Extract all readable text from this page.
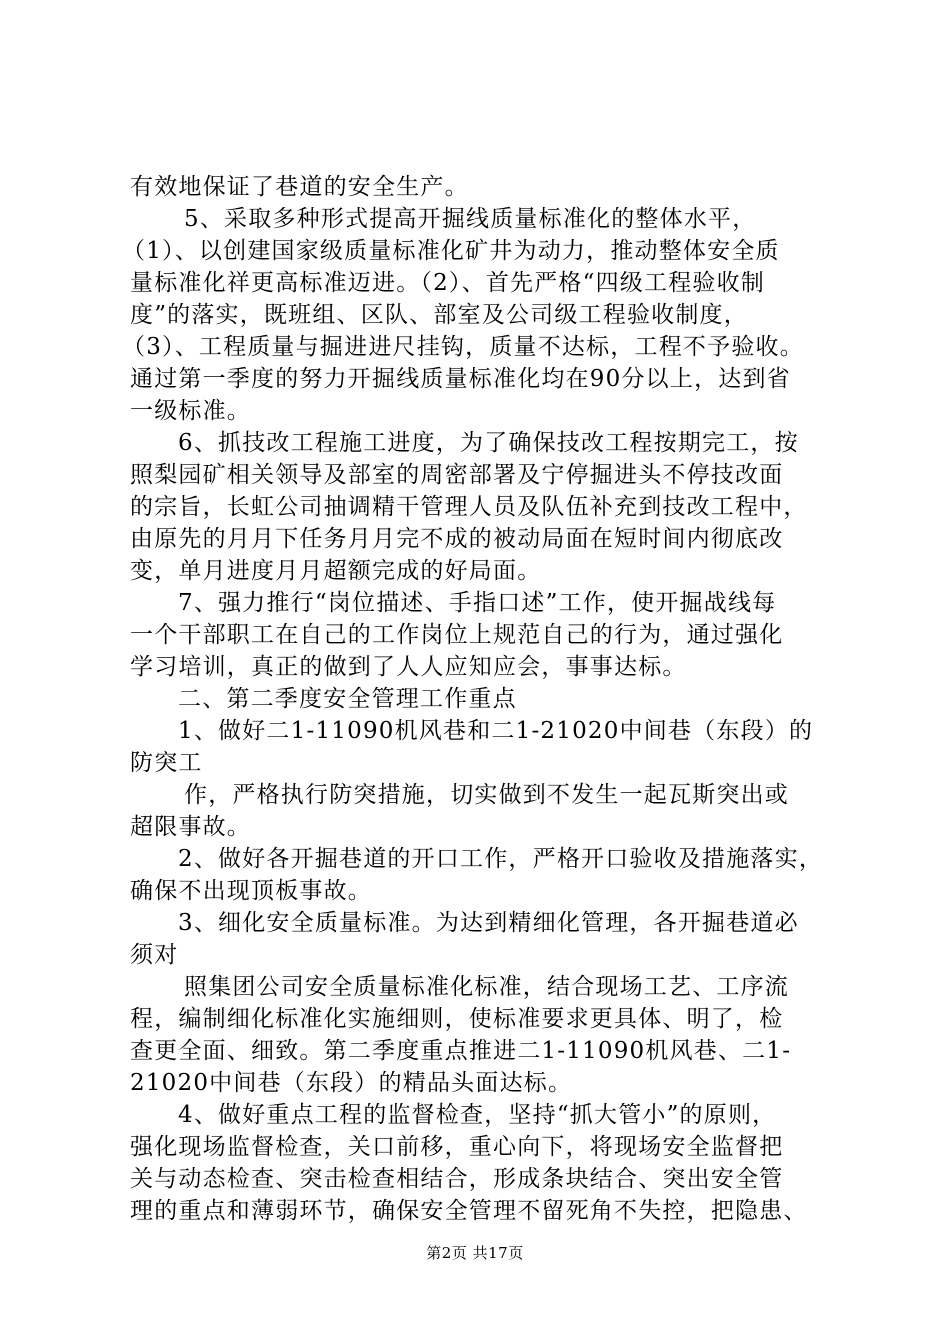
有效地保证了巷道的安全生产。
5、采取多种形式提高开掘线质量标准化的整体水平，
（1）、以创建国家级质量标准化矿井为动力，推动整体安全质
量标准化祥更高标准迈进。（2）、首先严格“四级工程验收制
度”的落实，既班组、区队、部室及公司级工程验收制度，
（3）、工程质量与掘进进尺挂钩，质量不达标，工程不予验收。
通过第一季度的努力开掘线质量标准化均在90分以上，达到省
一级标准。
6、抓技改工程施工进度，为了确保技改工程按期完工，按
照梨园矿相关领导及部室的周密部署及宁停掘进头不停技改面
的宗旨，长虹公司抽调精干管理人员及队伍补充到技改工程中，
由原先的月月下任务月月完不成的被动局面在短时间内彻底改
变，单月进度月月超额完成的好局面。
7、强力推行“岗位描述、手指口述”工作，使开掘战线每
一个干部职工在自己的工作岗位上规范自己的行为，通过强化
学习培训，真正的做到了人人应知应会，事事达标。
二、第二季度安全管理工作重点
1、做好二1-11090机风巷和二1-21020中间巷（东段）的
防突工
作，严格执行防突措施，切实做到不发生一起瓦斯突出或
超限事故。
2、做好各开掘巷道的开口工作，严格开口验收及措施落实，
确保不出现顶板事故。
3、细化安全质量标准。为达到精细化管理，各开掘巷道必
须对
照集团公司安全质量标准化标准，结合现场工艺、工序流
程，编制细化标准化实施细则，使标准要求更具体、明了，检
查更全面、细致。第二季度重点推进二1-11090机风巷、二1-
21020中间巷（东段）的精品头面达标。
4、做好重点工程的监督检查，坚持“抓大管小”的原则，
强化现场监督检查，关口前移，重心向下，将现场安全监督把
关与动态检查、突击检查相结合，形成条块结合、突出安全管
理的重点和薄弱环节，确保安全管理不留死角不失控，把隐患、
第2页 共17页
